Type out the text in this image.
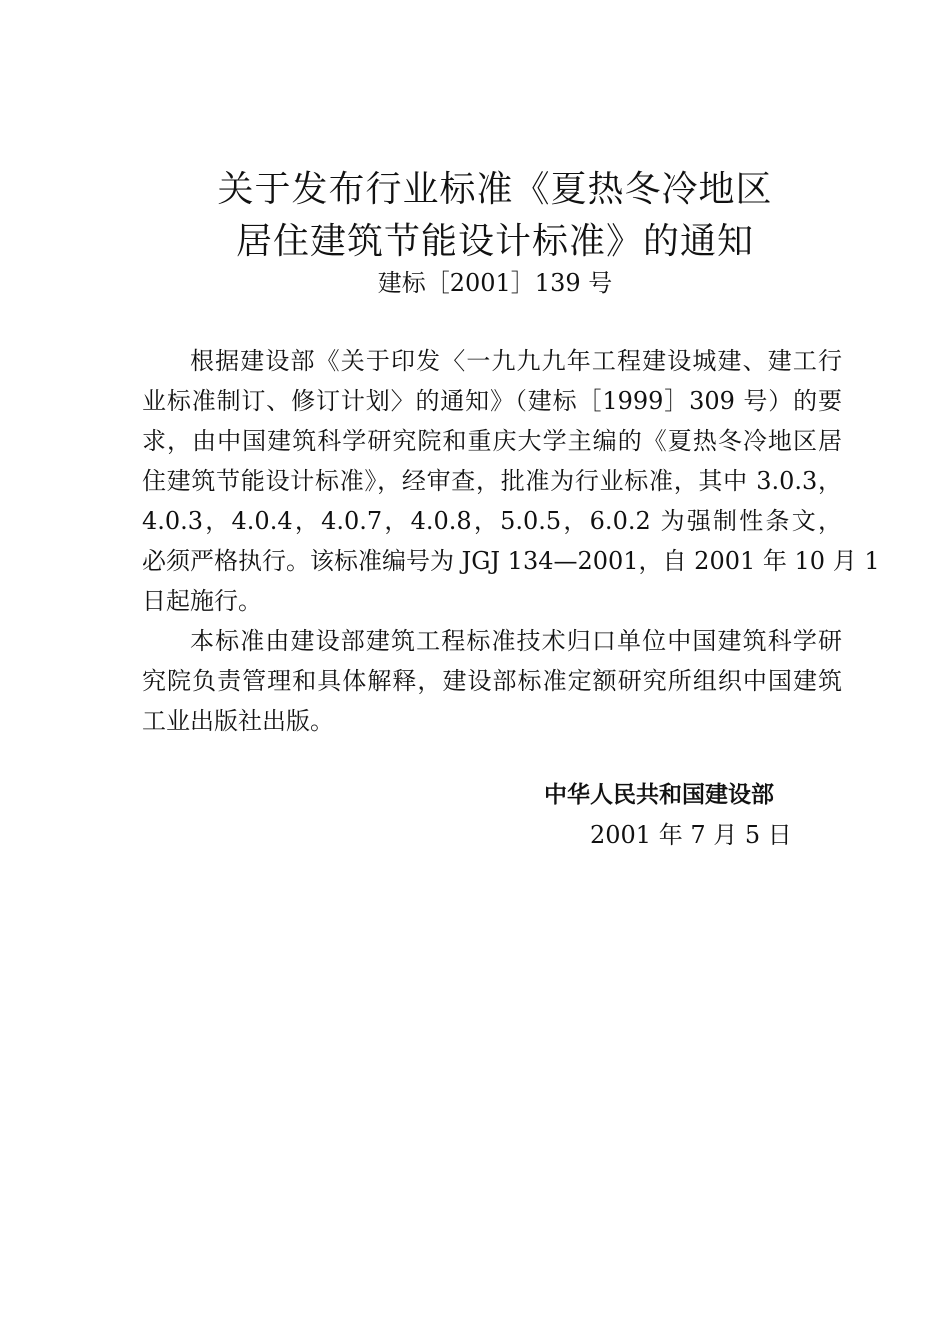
关于发布行业标准《夏热冬冷地区
居住建筑节能设计标准》的通知
建标［2001］139 号
根据建设部《关于印发〈一九九九年工程建设城建、建工行
业标准制订、修订计划〉的通知》（建标［1999］309 号）的要
求，由中国建筑科学研究院和重庆大学主编的《夏热冬冷地区居
住建筑节能设计标准》，经审查，批准为行业标准，其中 3.0.3，
4.0.3，4.0.4，4.0.7，4.0.8，5.0.5，6.0.2 为强制性条文，
必须严格执行。该标准编号为 JGJ 134—2001，自 2001 年 10 月 1
日起施行。
本标准由建设部建筑工程标准技术归口单位中国建筑科学研
究院负责管理和具体解释，建设部标准定额研究所组织中国建筑
工业出版社出版。
中华人民共和国建设部
2001 年 7 月 5 日
